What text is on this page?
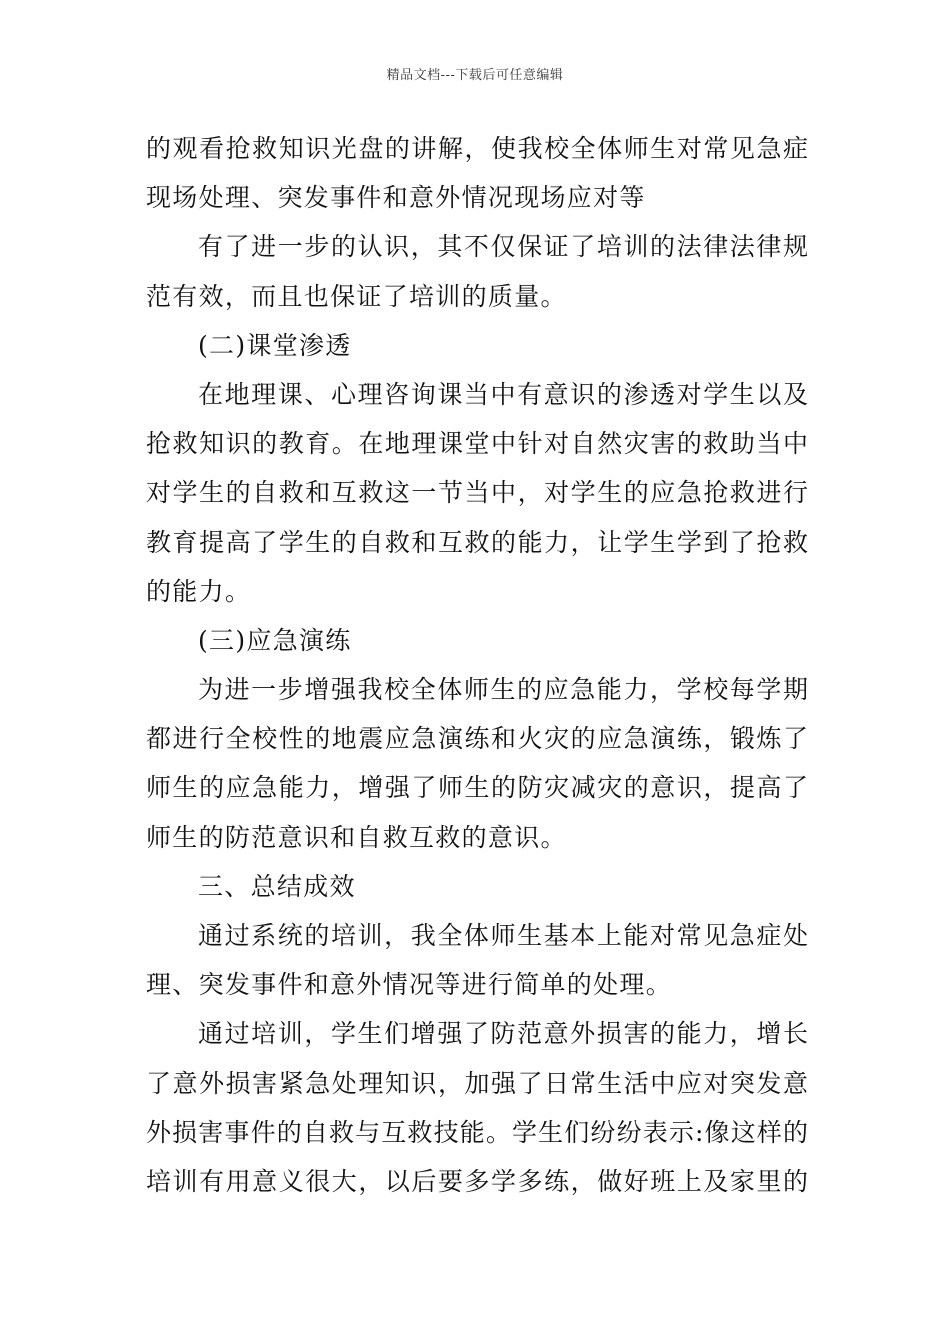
精品文档---下载后可任意编辑
的观看抢救知识光盘的讲解，使我校全体师生对常见急症
现场处理、突发事件和意外情况现场应对等
有了进一步的认识，其不仅保证了培训的法律法律规
范有效，而且也保证了培训的质量。
(二)课堂渗透
在地理课、心理咨询课当中有意识的渗透对学生以及
抢救知识的教育。在地理课堂中针对自然灾害的救助当中
对学生的自救和互救这一节当中，对学生的应急抢救进行
教育提高了学生的自救和互救的能力，让学生学到了抢救
的能力。
(三)应急演练
为进一步增强我校全体师生的应急能力，学校每学期
都进行全校性的地震应急演练和火灾的应急演练，锻炼了
师生的应急能力，增强了师生的防灾减灾的意识，提高了
师生的防范意识和自救互救的意识。
三、总结成效
通过系统的培训，我全体师生基本上能对常见急症处
理、突发事件和意外情况等进行简单的处理。
通过培训，学生们增强了防范意外损害的能力，增长
了意外损害紧急处理知识，加强了日常生活中应对突发意
外损害事件的自救与互救技能。学生们纷纷表示:像这样的
培训有用意义很大，以后要多学多练，做好班上及家里的
